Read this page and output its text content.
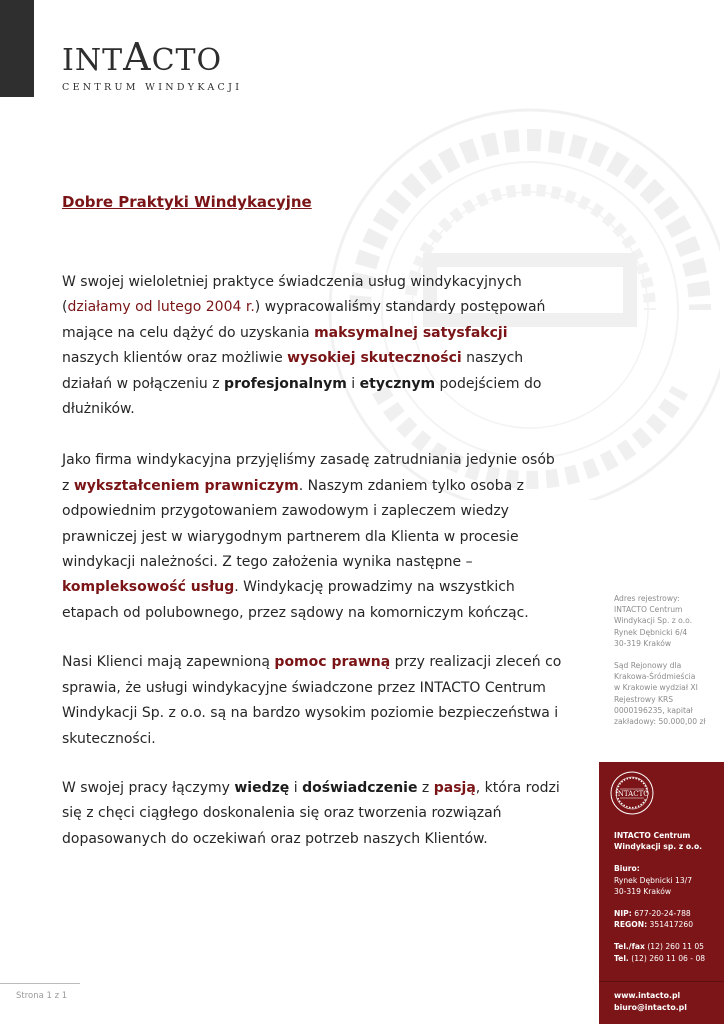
INTACTO
CENTRUM WINDYKACJI
Dobre Praktyki Windykacyjne

W swojej wieloletniej praktyce świadczenia usług windykacyjnych (działamy od lutego 2004 r.) wypracowaliśmy standardy postępowań mające na celu dążyć do uzyskania maksymalnej satysfakcji naszych klientów oraz możliwie wysokiej skuteczności naszych działań w połączeniu z profesjonalnym i etycznym podejściem do dłużników.

Jako firma windykacyjna przyjęliśmy zasadę zatrudniania jedynie osób z wykształceniem prawniczym. Naszym zdaniem tylko osoba z odpowiednim przygotowaniem zawodowym i zapleczem wiedzy prawniczej jest w wiarygodnym partnerem dla Klienta w procesie windykacji należności. Z tego założenia wynika następne – kompleksowość usług. Windykację prowadzimy na wszystkich etapach od polubownego, przez sądowy na komorniczym kończąc.

Nasi Klienci mają zapewnioną pomoc prawną przy realizacji zleceń co sprawia, że usługi windykacyjne świadczone przez INTACTO Centrum Windykacji Sp. z o.o. są na bardzo wysokim poziomie bezpieczeństwa i skuteczności.

W swojej pracy łączymy wiedzę i doświadczenie z pasją, która rodzi się z chęci ciągłego doskonalenia się oraz tworzenia rozwiązań dopasowanych do oczekiwań oraz potrzeb naszych Klientów.

Adres rejestrowy:
INTACTO Centrum
Windykacji Sp. z o.o.
Rynek Dębnicki 6/4
30-319 Kraków
Sąd Rejonowy dla
Krakowa-Śródmieścia
w Krakowie wydział XI
Rejestrowy KRS
0000196235, kapitał
zakładowy: 50.000,00 zł
INTACTO
INTACTO Centrum
Windykacji sp. z o.o.
Biuro:
Rynek Dębnicki 13/7
30-319 Kraków
NIP: 677-20-24-788
REGON: 351417260
Tel./fax (12) 260 11 05
Tel. (12) 260 11 06 - 08
www.intacto.pl
biuro@intacto.pl
Strona 1 z 1
